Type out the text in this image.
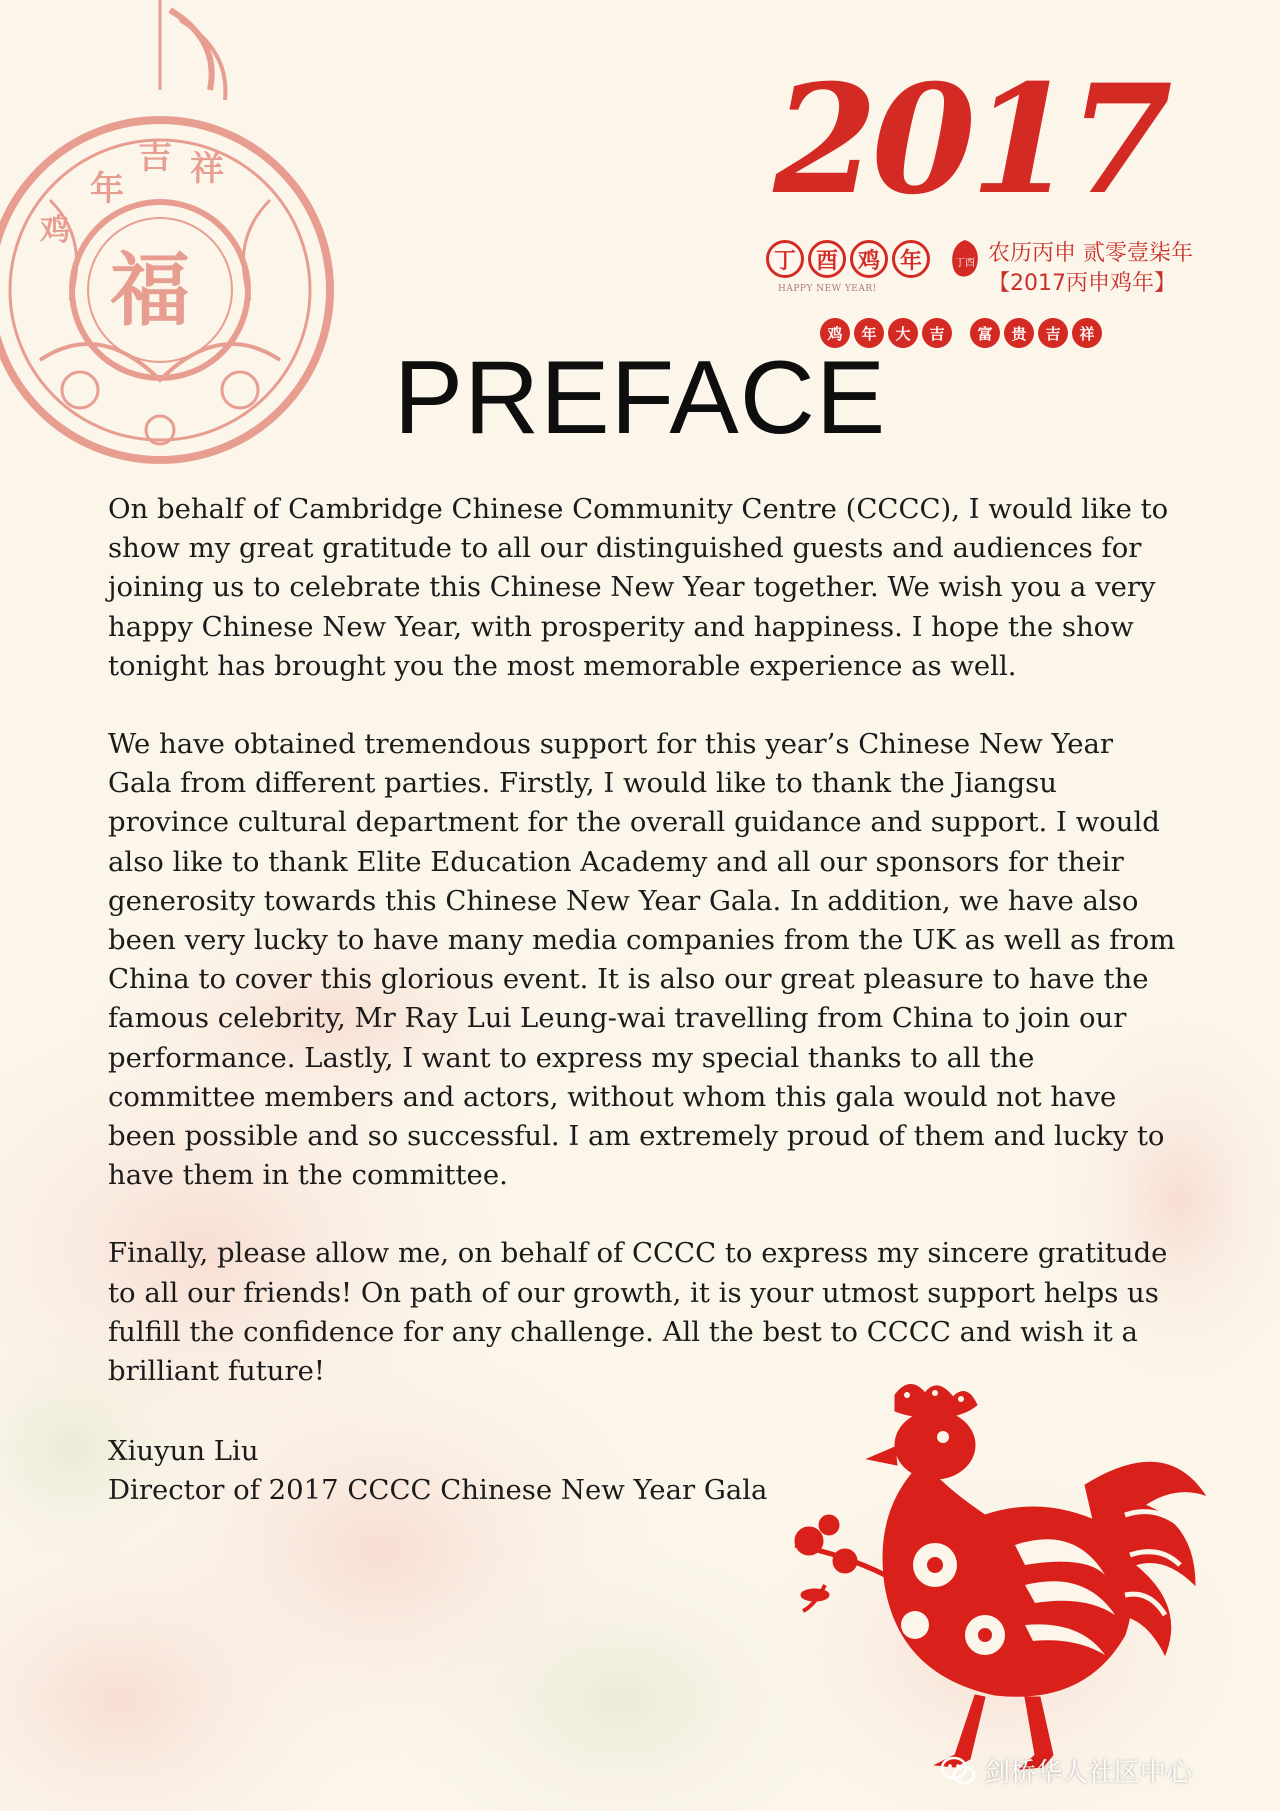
年
吉 祥
鸡
福
2017
丁 酉 鸡 年	丁酉 农历丙申 贰零壹柒年
【2017丙申鸡年】
HAPPY NEW YEAR!
鸡	年	大	吉	富	贵	吉	祥
PREFACE

On behalf of Cambridge Chinese Community Centre (CCCC), I would like to show my great gratitude to all our distinguished guests and audiences for joining us to celebrate this Chinese New Year together. We wish you a very happy Chinese New Year, with prosperity and happiness. I hope the show tonight has brought you the most memorable experience as well.

We have obtained tremendous support for this year’s Chinese New Year Gala from different parties. Firstly, I would like to thank the Jiangsu province cultural department for the overall guidance and support. I would also like to thank Elite Education Academy and all our sponsors for their generosity towards this Chinese New Year Gala. In addition, we have also been very lucky to have many media companies from the UK as well as from China to cover this glorious event. It is also our great pleasure to have the famous celebrity, Mr Ray Lui Leung-wai travelling from China to join our performance. Lastly, I want to express my special thanks to all the committee members and actors, without whom this gala would not have been possible and so successful. I am extremely proud of them and lucky to have them in the committee.

Finally, please allow me, on behalf of CCCC to express my sincere gratitude to all our friends! On path of our growth, it is your utmost support helps us fulfill the confidence for any challenge. All the best to CCCC and wish it a brilliant future!

Xiuyun Liu
Director of 2017 CCCC Chinese New Year Gala
剑桥华人社区中心
